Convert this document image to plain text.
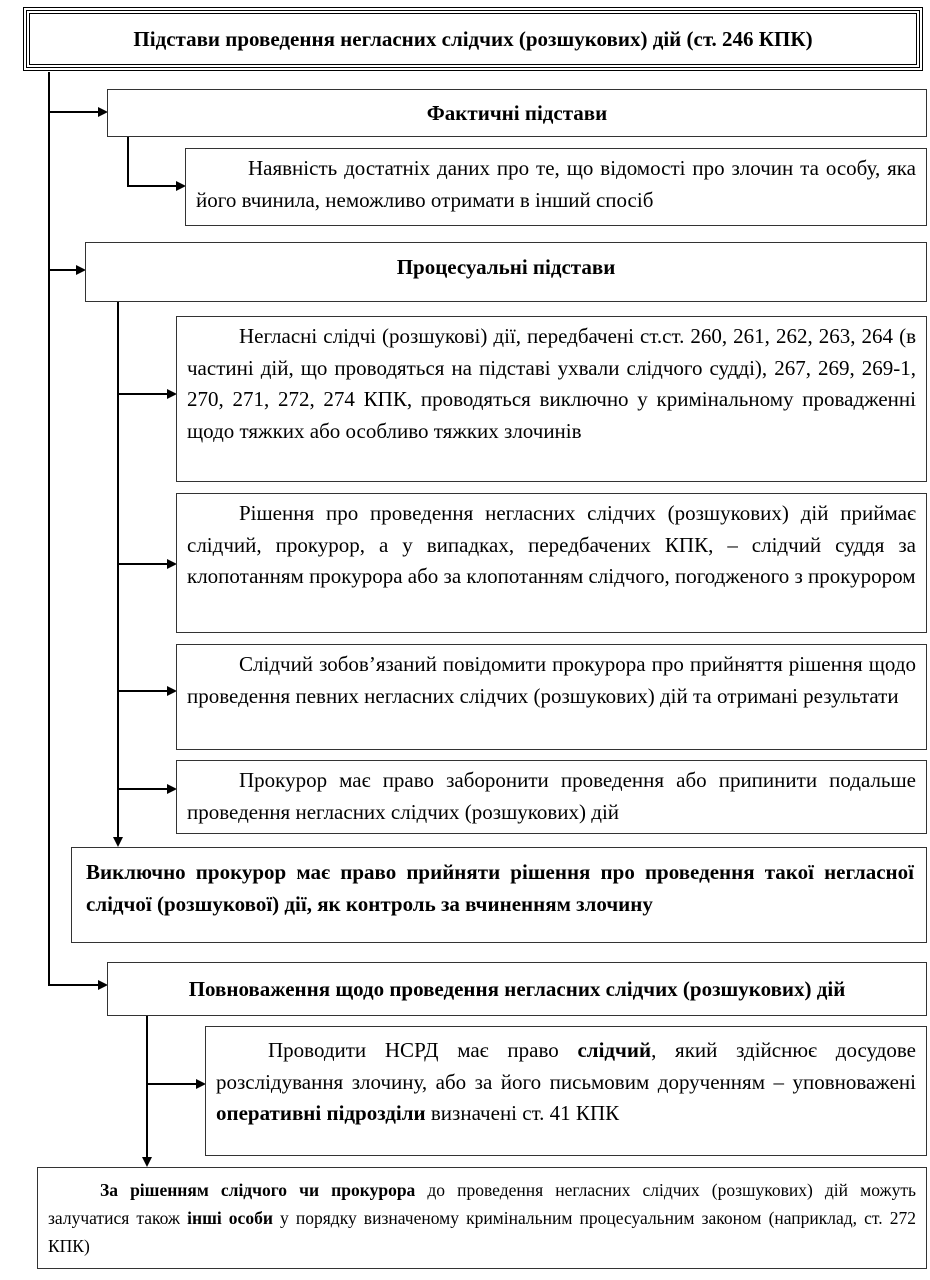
Підстави проведення негласних слідчих (розшукових) дій (ст. 246 КПК)
Фактичні підстави
Наявність достатніх даних про те, що відомості про злочин та особу, яка його вчинила, неможливо отримати в інший спосіб
Процесуальні підстави
Негласні слідчі (розшукові) дії, передбачені ст.ст. 260, 261, 262, 263, 264 (в частині дій, що проводяться на підставі ухвали слідчого судді), 267, 269, 269-1, 270, 271, 272, 274 КПК, проводяться виключно у кримінальному провадженні щодо тяжких або особливо тяжких злочинів
Рішення про проведення негласних слідчих (розшукових) дій приймає слідчий, прокурор, а у випадках, передбачених КПК, – слідчий суддя за клопотанням прокурора або за клопотанням слідчого, погодженого з прокурором
Слідчий зобов’язаний повідомити прокурора про прийняття рішення щодо проведення певних негласних слідчих (розшукових) дій та отримані результати
Прокурор має право заборонити проведення або припинити подальше проведення негласних слідчих (розшукових) дій
Виключно прокурор має право прийняти рішення про проведення такої негласної слідчої (розшукової) дії, як контроль за вчиненням злочину
Повноваження щодо проведення негласних слідчих (розшукових) дій
Проводити НСРД має право слідчий, який здійснює досудове розслідування злочину, або за його письмовим дорученням – уповноважені оперативні підрозділи визначені ст. 41 КПК
За рішенням слідчого чи прокурора до проведення негласних слідчих (розшукових) дій можуть залучатися також інші особи у порядку визначеному кримінальним процесуальним законом (наприклад, ст. 272 КПК)
